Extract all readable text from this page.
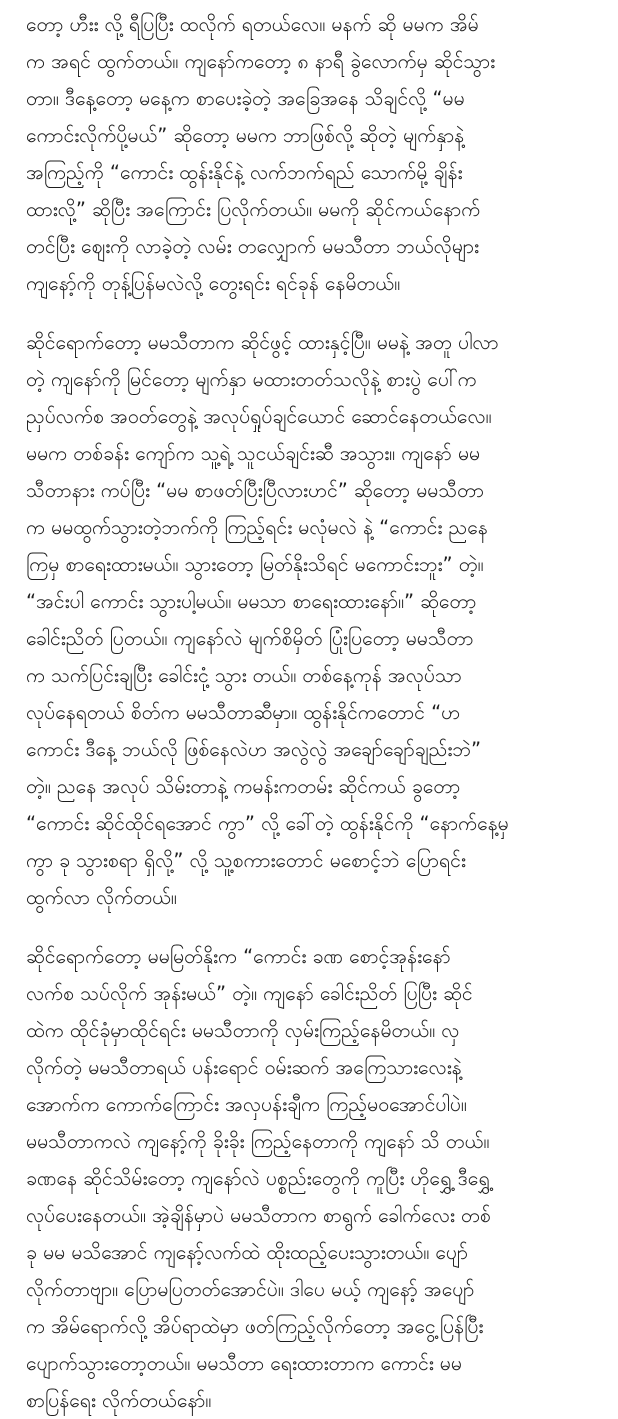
တော့ ဟီးး လို့ ရီပြပြီး ထလိုက် ရတယ်လေ။ မနက် ဆို မမက အိမ်
က အရင် ထွက်တယ်။ ကျနော်ကတော့ ၈ နာရီ ခွဲလောက်မှ ဆိုင်သွား
တာ။ ဒီနေ့တော့ မနေ့က စာပေးခဲ့တဲ့ အခြေအနေ သိချင်လို့ “မမ
ကောင်းလိုက်ပို့မယ်” ဆိုတော့ မမက ဘာဖြစ်လို့ ဆိုတဲ့ မျက်နှာနဲ့
အကြည့်ကို “ကောင်း ထွန်းနိုင်နဲ့ လက်ဘက်ရည် သောက်မို့ ချိန်း
ထားလို့” ဆိုပြီး အကြောင်း ပြလိုက်တယ်။ မမကို ဆိုင်ကယ်နောက်
တင်ပြီး ဈေးကို လာခဲ့တဲ့ လမ်း တလျှောက် မမသီတာ ဘယ်လိုများ
ကျနော့်ကို တုန့်ပြန်မလဲလို့ တွေးရင်း ရင်ခုန် နေမိတယ်။
ဆိုင်ရောက်တော့ မမသီတာက ဆိုင်ဖွင့် ထားနှင့်ပြီ။ မမနဲ့ အတူ ပါလာ
တဲ့ ကျနော်ကို မြင်တော့ မျက်နှာ မထားတတ်သလိုနဲ့ စားပွဲ ပေါ်က
ညှပ်လက်စ အဝတ်တွေနဲ့ အလုပ်ရှုပ်ချင်ယောင် ဆောင်နေတယ်လေ။
မမက တစ်ခန်း ကျော်က သူ့ရဲ့ သူငယ်ချင်းဆီ အသွား။ ကျနော် မမ
သီတာနား ကပ်ပြီး “မမ စာဖတ်ပြီးပြီလားဟင်” ဆိုတော့ မမသီတာ
က မမထွက်သွားတဲ့ဘက်ကို ကြည့်ရင်း မလုံမလဲ နဲ့ “ကောင်း ညနေ
ကြမှ စာရေးထားမယ်။ သွားတော့ မြတ်နိုးသိရင် မကောင်းဘူး” တဲ့။
“အင်းပါ ကောင်း သွားပါ့မယ်။ မမသာ စာရေးထားနော်။” ဆိုတော့
ခေါင်းညိတ် ပြတယ်။ ကျနော်လဲ မျက်စိမှိတ် ပြုံးပြတော့ မမသီတာ
က သက်ပြင်းချပြီး ခေါင်းငုံ့ သွား တယ်။ တစ်နေ့ကုန် အလုပ်သာ
လုပ်နေရတယ် စိတ်က မမသီတာဆီမှာ။ ထွန်းနိုင်ကတောင် “ဟ
ကောင်း ဒီနေ့ ဘယ်လို ဖြစ်နေလဲဟ အလွဲလွဲ အချော်ချော်ချည်းဘဲ”
တဲ့။ ညနေ အလုပ် သိမ်းတာနဲ့ ကမန်းကတမ်း ဆိုင်ကယ် ခွတော့
“ကောင်း ဆိုင်ထိုင်ရအောင် ကွာ” လို့ ခေါ်တဲ့ ထွန်းနိုင်ကို “နောက်နေ့မှ
ကွာ ခု သွားစရာ ရှိလို့” လို့ သူ့စကားတောင် မစောင့်ဘဲ ပြောရင်း
ထွက်လာ လိုက်တယ်။
ဆိုင်ရောက်တော့ မမမြတ်နိုးက “ကောင်း ခဏ စောင့်အုန်းနော်
လက်စ သပ်လိုက် အုန်းမယ်” တဲ့။ ကျနော် ခေါင်းညိတ် ပြပြီး ဆိုင်
ထဲက ထိုင်ခုံမှာထိုင်ရင်း မမသီတာကို လှမ်းကြည့်နေမိတယ်။ လှ
လိုက်တဲ့ မမသီတာရယ် ပန်းရောင် ဝမ်းဆက် အကြေသားလေးနဲ့
အောက်က ကောက်ကြောင်း အလှပန်းချီက ကြည့်မဝအောင်ပါပဲ။
မမသီတာကလဲ ကျနော့်ကို ခိုးခိုး ကြည့်နေတာကို ကျနော် သိ တယ်။
ခဏနေ ဆိုင်သိမ်းတော့ ကျနော်လဲ ပစ္စည်းတွေကို ကူပြီး ဟိုရွှေ့ ဒီရွှေ့
လုပ်ပေးနေတယ်။ အဲ့ချိန်မှာပဲ မမသီတာက စာရွက် ခေါက်လေး တစ်
ခု မမ မသိအောင် ကျနော့်လက်ထဲ ထိုးထည့်ပေးသွားတယ်။ ပျော်
လိုက်တာဗျာ။ ပြောမပြတတ်အောင်ပဲ။ ဒါပေ မယ့် ကျနော့် အပျော်
က အိမ်ရောက်လို့ အိပ်ရာထဲမှာ ဖတ်ကြည့်လိုက်တော့ အငွေ့ပြန်ပြီး
ပျောက်သွားတော့တယ်။ မမသီတာ ရေးထားတာက ကောင်း မမ
စာပြန်ရေး လိုက်တယ်နော်။
